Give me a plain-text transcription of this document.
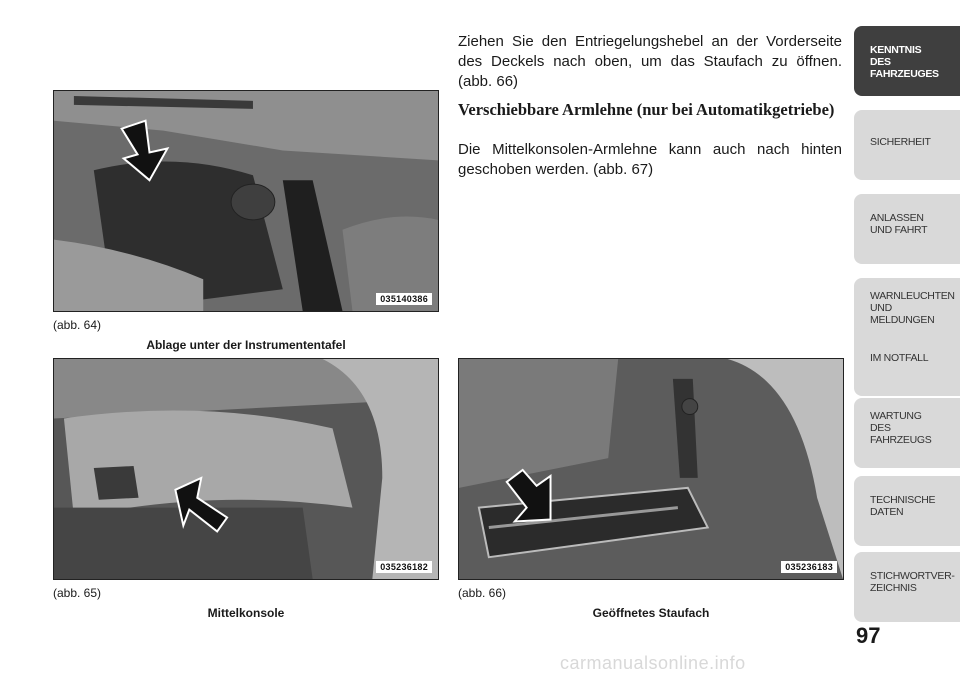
Ziehen Sie den Entriegelungshebel an der Vorderseite des Deckels nach oben, um das Staufach zu öffnen. (abb. 66)
Verschiebbare Armlehne (nur bei Automatikgetriebe)
Die Mittelkonsolen-Armlehne kann auch nach hinten geschoben werden. (abb. 67)
035140386
(abb. 64)
Ablage unter der Instrumententafel
035236182
(abb. 65)
Mittelkonsole
035236183
(abb. 66)
Geöffnetes Staufach
KENNTNIS
DES
FAHRZEUGES
SICHERHEIT
ANLASSEN
UND FAHRT
WARNLEUCHTEN
UND
MELDUNGEN
IM NOTFALL
WARTUNG
DES
FAHRZEUGS
TECHNISCHE
DATEN
STICHWORTVER-
ZEICHNIS
97
carmanualsonline.info
